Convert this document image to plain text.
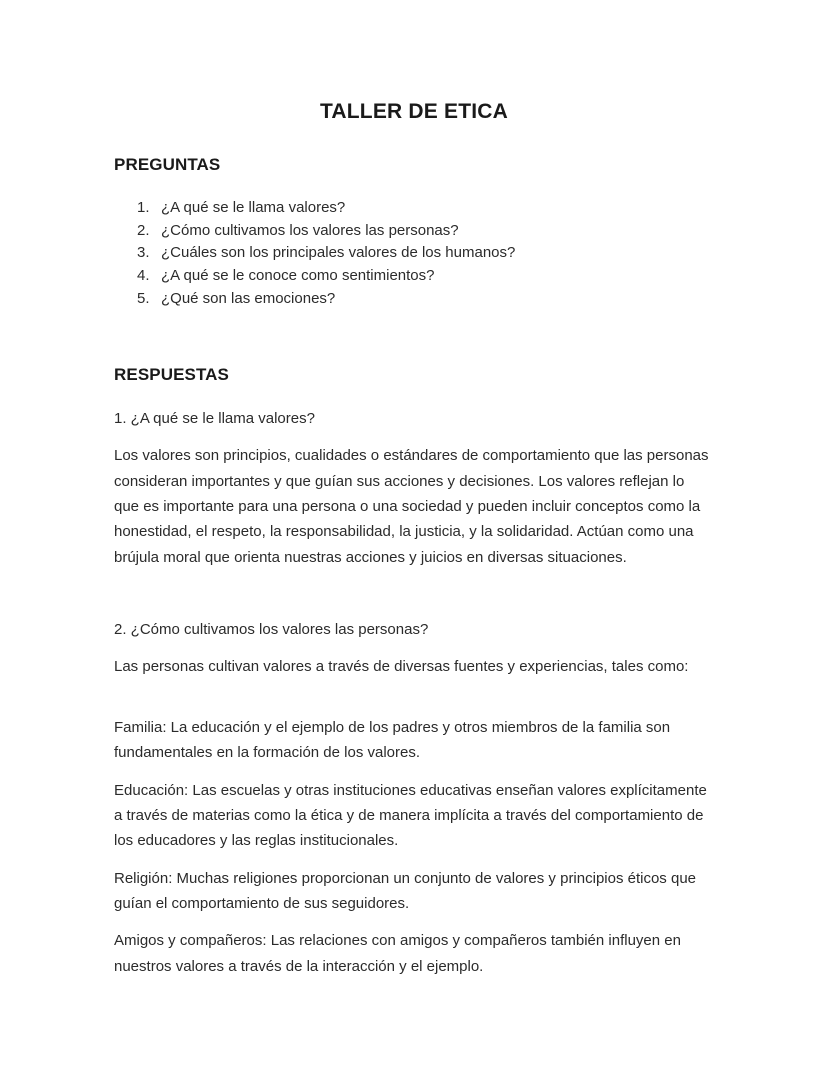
TALLER DE ETICA
PREGUNTAS
1. ¿A qué se le llama valores?
2. ¿Cómo cultivamos los valores las personas?
3. ¿Cuáles son los principales valores de los humanos?
4. ¿A qué se le conoce como sentimientos?
5. ¿Qué son las emociones?
RESPUESTAS

1. ¿A qué se le llama valores?

Los valores son principios, cualidades o estándares de comportamiento que las personas consideran importantes y que guían sus acciones y decisiones. Los valores reflejan lo que es importante para una persona o una sociedad y pueden incluir conceptos como la honestidad, el respeto, la responsabilidad, la justicia, y la solidaridad. Actúan como una brújula moral que orienta nuestras acciones y juicios en diversas situaciones.

2. ¿Cómo cultivamos los valores las personas?

Las personas cultivan valores a través de diversas fuentes y experiencias, tales como:

Familia: La educación y el ejemplo de los padres y otros miembros de la familia son fundamentales en la formación de los valores.

Educación: Las escuelas y otras instituciones educativas enseñan valores explícitamente a través de materias como la ética y de manera implícita a través del comportamiento de los educadores y las reglas institucionales.

Religión: Muchas religiones proporcionan un conjunto de valores y principios éticos que guían el comportamiento de sus seguidores.

Amigos y compañeros: Las relaciones con amigos y compañeros también influyen en nuestros valores a través de la interacción y el ejemplo.
